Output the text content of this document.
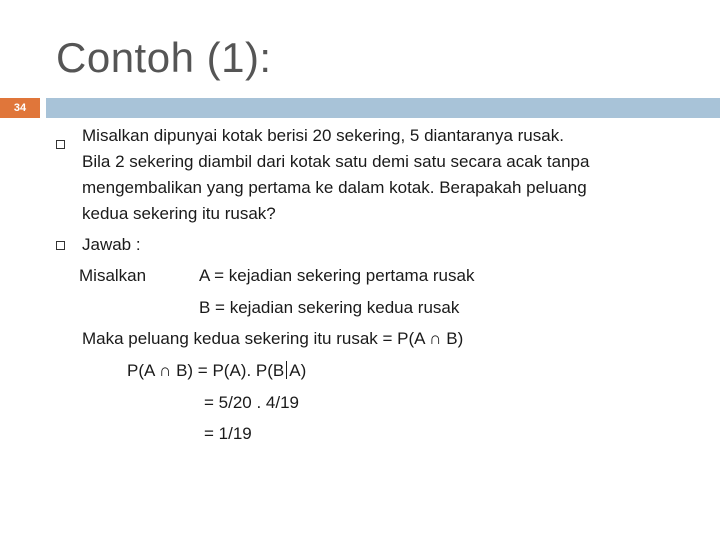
Contoh (1):
34
Misalkan dipunyai kotak berisi 20 sekering, 5 diantaranya rusak.
Bila 2 sekering diambil dari kotak satu demi satu secara acak tanpa
mengembalikan yang pertama ke dalam kotak. Berapakah peluang
kedua sekering itu rusak?
Jawab :
Misalkan	A = kejadian sekering pertama rusak
B = kejadian sekering kedua rusak
Maka peluang kedua sekering itu rusak = P(A ∩ B)
P(A ∩ B) = P(A). P(B A)
= 5/20 . 4/19
= 1/19
